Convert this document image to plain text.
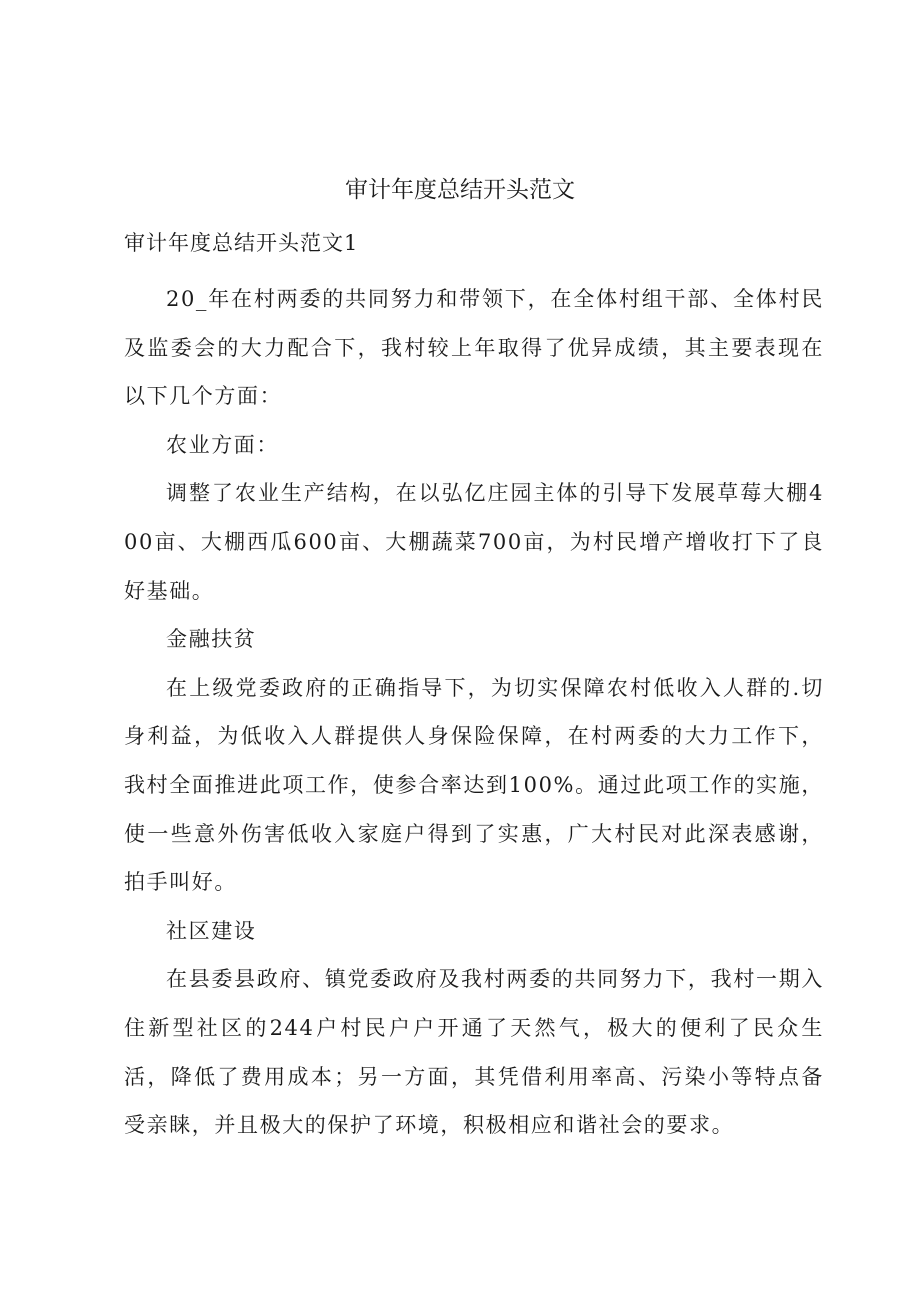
审计年度总结开头范文
审计年度总结开头范文1

20_年在村两委的共同努力和带领下，在全体村组干部、全体村民及监委会的大力配合下，我村较上年取得了优异成绩，其主要表现在以下几个方面：

农业方面：

调整了农业生产结构，在以弘亿庄园主体的引导下发展草莓大棚400亩、大棚西瓜600亩、大棚蔬菜700亩，为村民增产增收打下了良好基础。

金融扶贫

在上级党委政府的正确指导下，为切实保障农村低收入人群的.切身利益，为低收入人群提供人身保险保障，在村两委的大力工作下，我村全面推进此项工作，使参合率达到100%。通过此项工作的实施，使一些意外伤害低收入家庭户得到了实惠，广大村民对此深表感谢，拍手叫好。

社区建设

在县委县政府、镇党委政府及我村两委的共同努力下，我村一期入住新型社区的244户村民户户开通了天然气，极大的便利了民众生活，降低了费用成本；另一方面，其凭借利用率高、污染小等特点备受亲睐，并且极大的保护了环境，积极相应和谐社会的要求。
